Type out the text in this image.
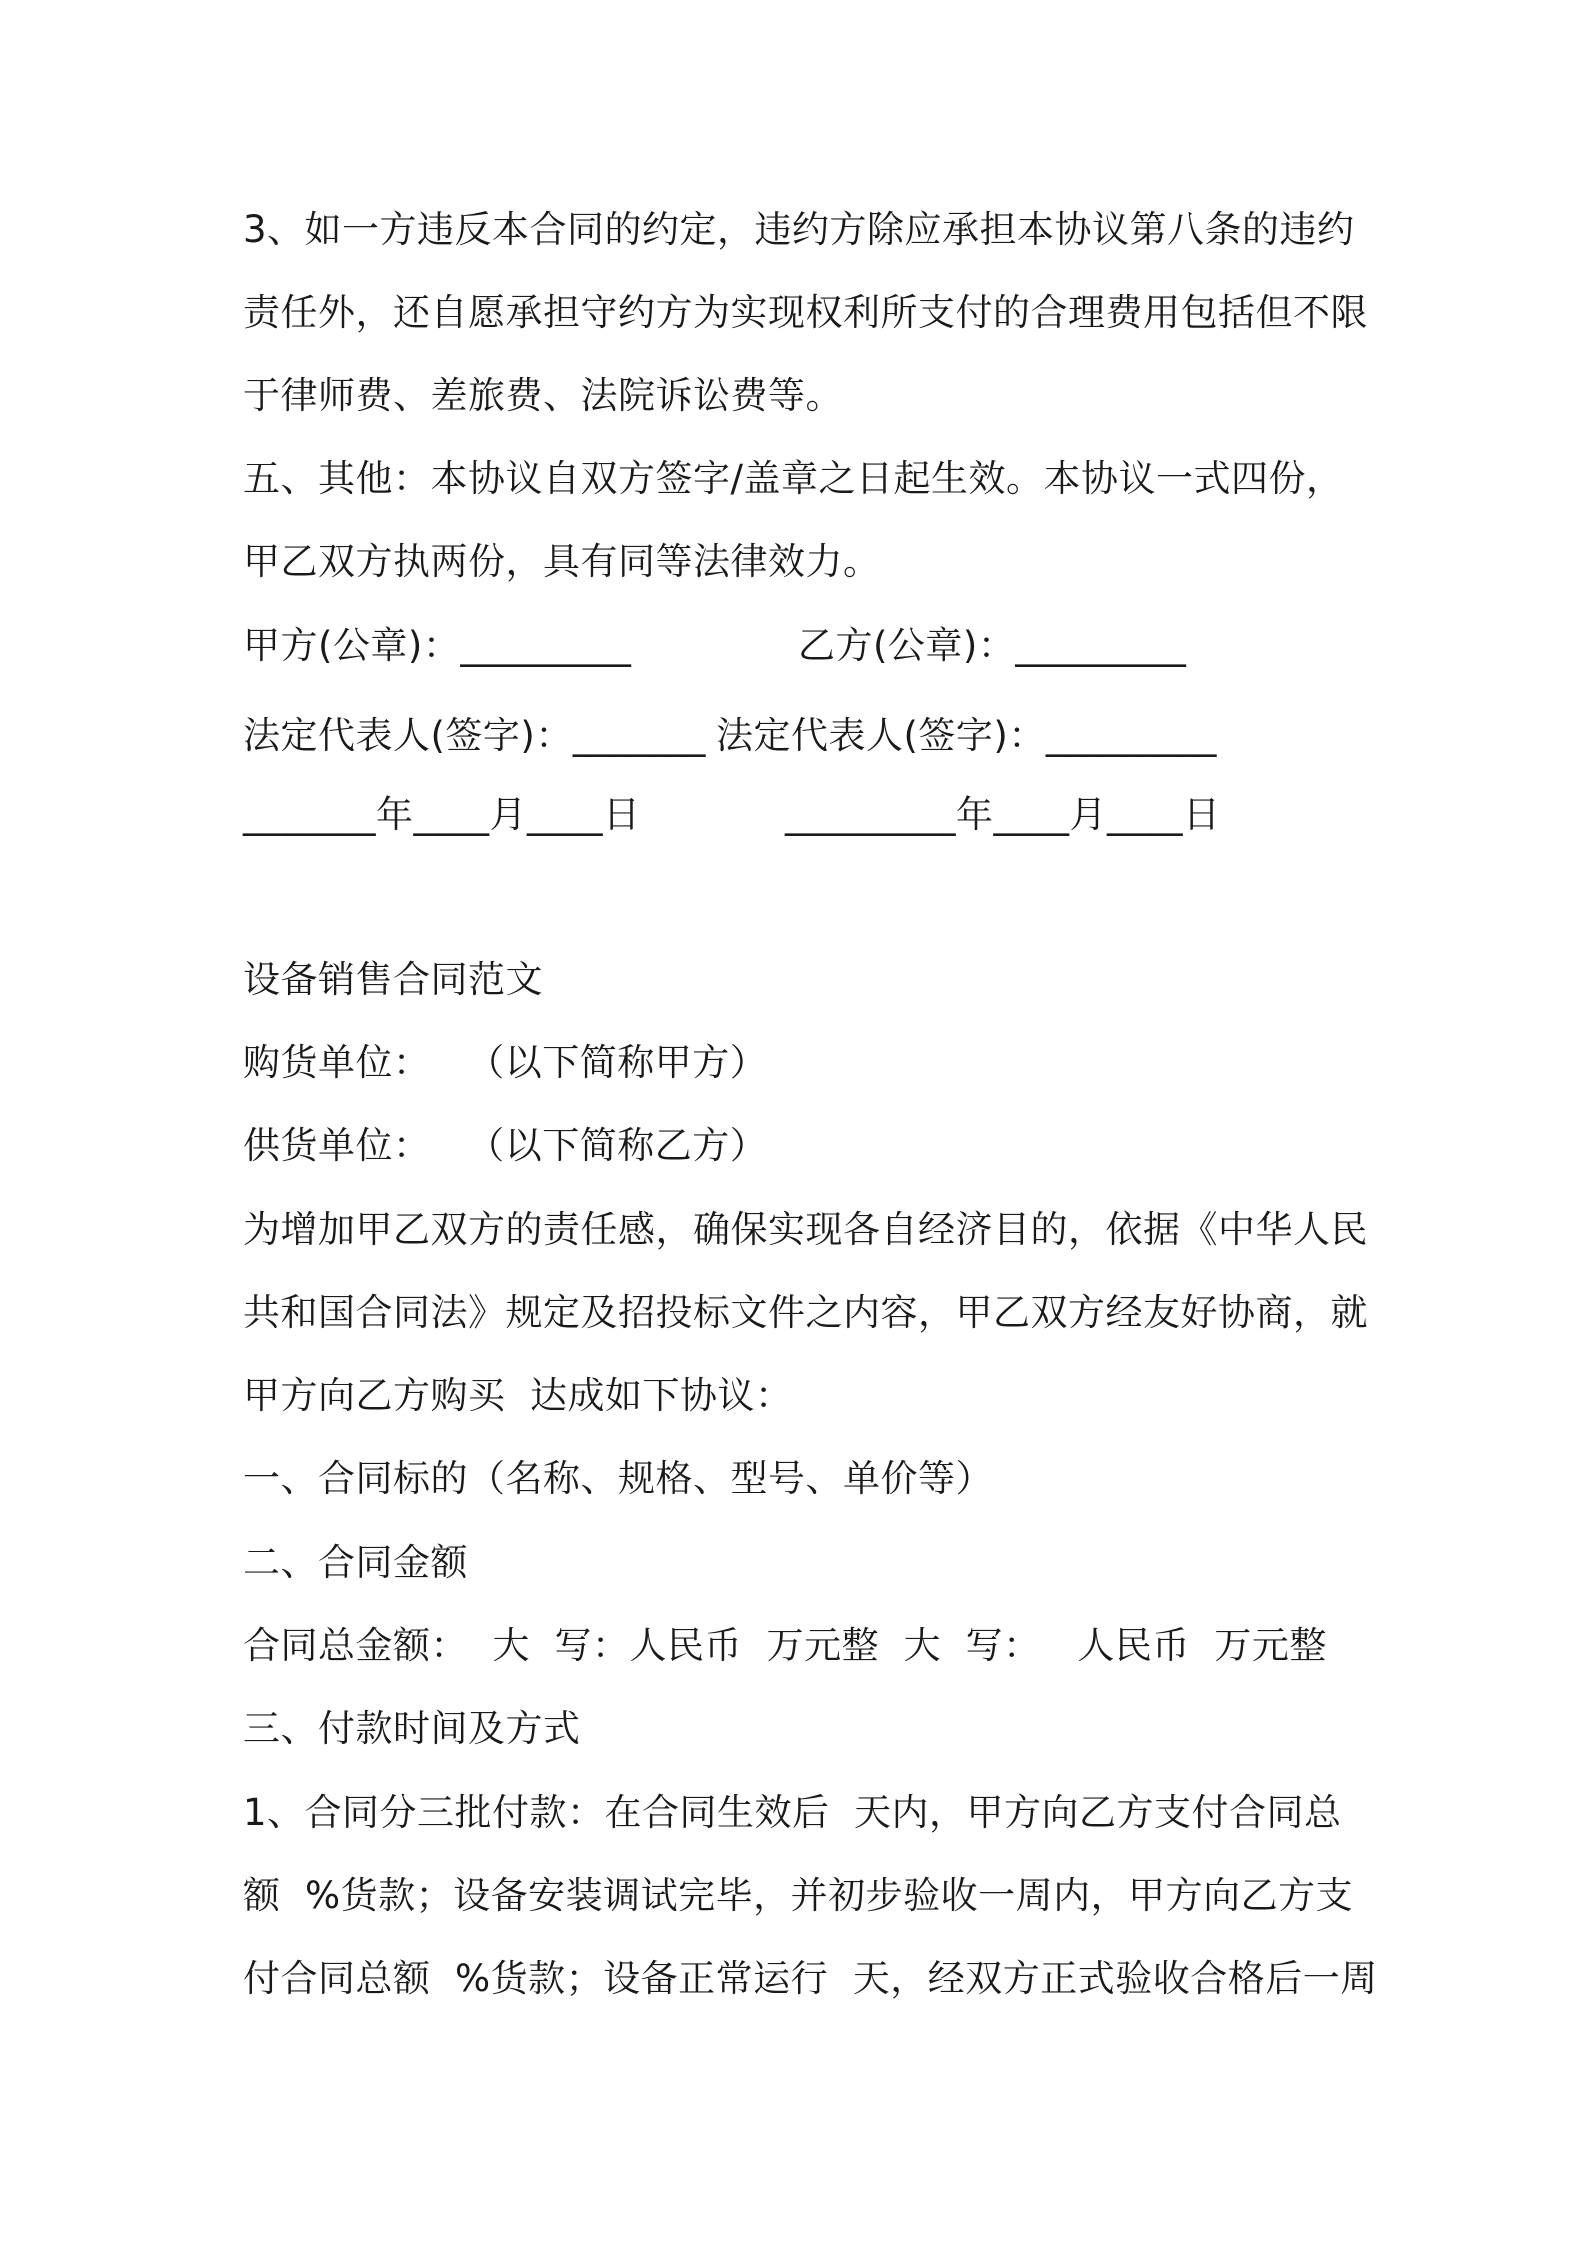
3、如一方违反本合同的约定，违约方除应承担本协议第八条的违约
责任外，还自愿承担守约方为实现权利所支付的合理费用包括但不限
于律师费、差旅费、法院诉讼费等。
五、其他：本协议自双方签字/盖章之日起生效。本协议一式四份，
甲乙双方执两份，具有同等法律效力。
甲方(公章)：_________	乙方(公章)：_________
法定代表人(签字)：_______ 法定代表人(签字)：_________
_______年____月____日	_________年____月____日
设备销售合同范文
购货单位：   （以下简称甲方）
供货单位：   （以下简称乙方）
为增加甲乙双方的责任感，确保实现各自经济目的，依据《中华人民
共和国合同法》规定及招投标文件之内容，甲乙双方经友好协商，就
甲方向乙方购买  达成如下协议：
一、合同标的（名称、规格、型号、单价等）
二、合同金额
合同总金额：  大  写：人民币  万元整  大  写：   人民币  万元整
三、付款时间及方式
1、合同分三批付款：在合同生效后  天内，甲方向乙方支付合同总
额  %货款；设备安装调试完毕，并初步验收一周内，甲方向乙方支
付合同总额  %货款；设备正常运行  天，经双方正式验收合格后一周
